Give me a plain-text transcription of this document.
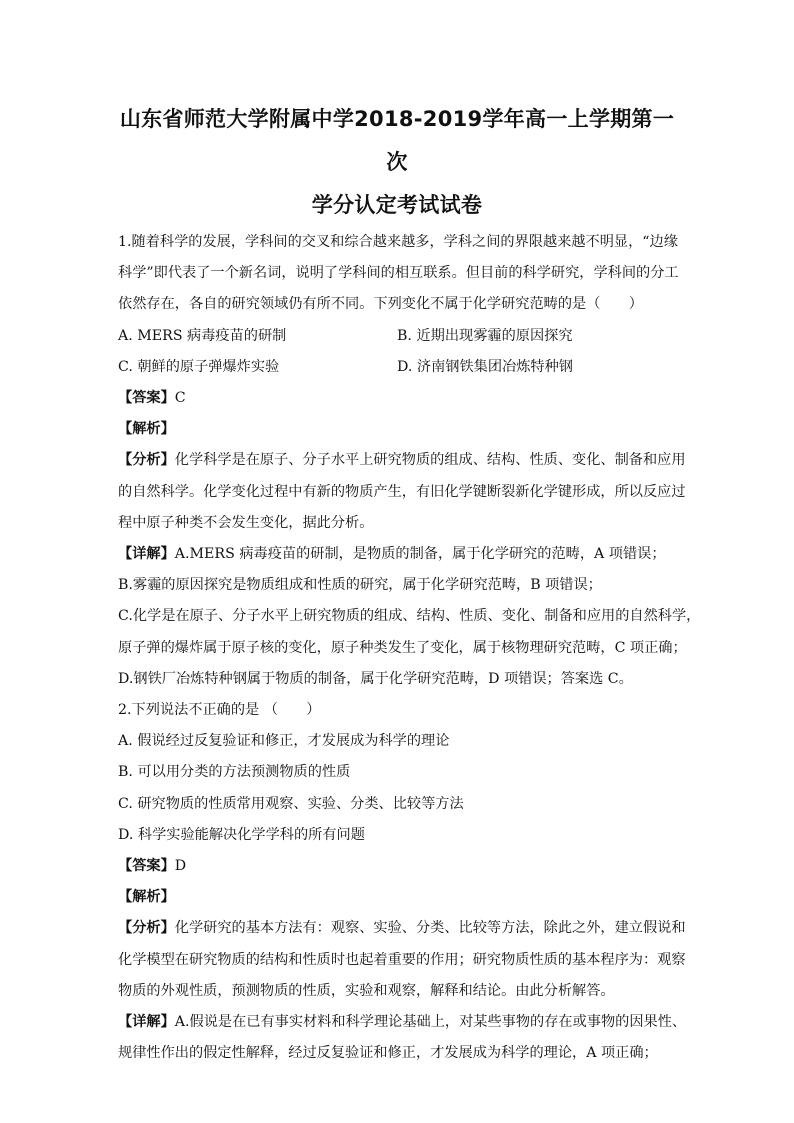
山东省师范大学附属中学2018-2019学年高一上学期第一次

学分认定考试试卷

1.随着科学的发展，学科间的交叉和综合越来越多，学科之间的界限越来越不明显，“边缘

科学”即代表了一个新名词，说明了学科间的相互联系。但目前的科学研究，学科间的分工

依然存在，各自的研究领域仍有所不同。下列变化不属于化学研究范畴的是（　　）

A. MERS 病毒疫苗的研制	B. 近期出现雾霾的原因探究
C. 朝鲜的原子弹爆炸实验	D. 济南钢铁集团冶炼特种钢

【答案】C

【解析】

【分析】化学科学是在原子、分子水平上研究物质的组成、结构、性质、变化、制备和应用

的自然科学。化学变化过程中有新的物质产生，有旧化学键断裂新化学键形成，所以反应过

程中原子种类不会发生变化，据此分析。

【详解】A.MERS 病毒疫苗的研制，是物质的制备，属于化学研究的范畴，A 项错误；

B.雾霾的原因探究是物质组成和性质的研究，属于化学研究范畴，B 项错误；

C.化学是在原子、分子水平上研究物质的组成、结构、性质、变化、制备和应用的自然科学，

原子弹的爆炸属于原子核的变化，原子种类发生了变化，属于核物理研究范畴，C 项正确；

D.钢铁厂冶炼特种钢属于物质的制备，属于化学研究范畴，D 项错误；答案选 C。

2.下列说法不正确的是 （　　）

A. 假说经过反复验证和修正，才发展成为科学的理论

B. 可以用分类的方法预测物质的性质

C. 研究物质的性质常用观察、实验、分类、比较等方法

D. 科学实验能解决化学学科的所有问题

【答案】D

【解析】

【分析】化学研究的基本方法有：观察、实验、分类、比较等方法，除此之外，建立假说和

化学模型在研究物质的结构和性质时也起着重要的作用；研究物质性质的基本程序为：观察

物质的外观性质，预测物质的性质，实验和观察，解释和结论。由此分析解答。

【详解】A.假说是在已有事实材料和科学理论基础上，对某些事物的存在或事物的因果性、

规律性作出的假定性解释，经过反复验证和修正，才发展成为科学的理论，A 项正确；
